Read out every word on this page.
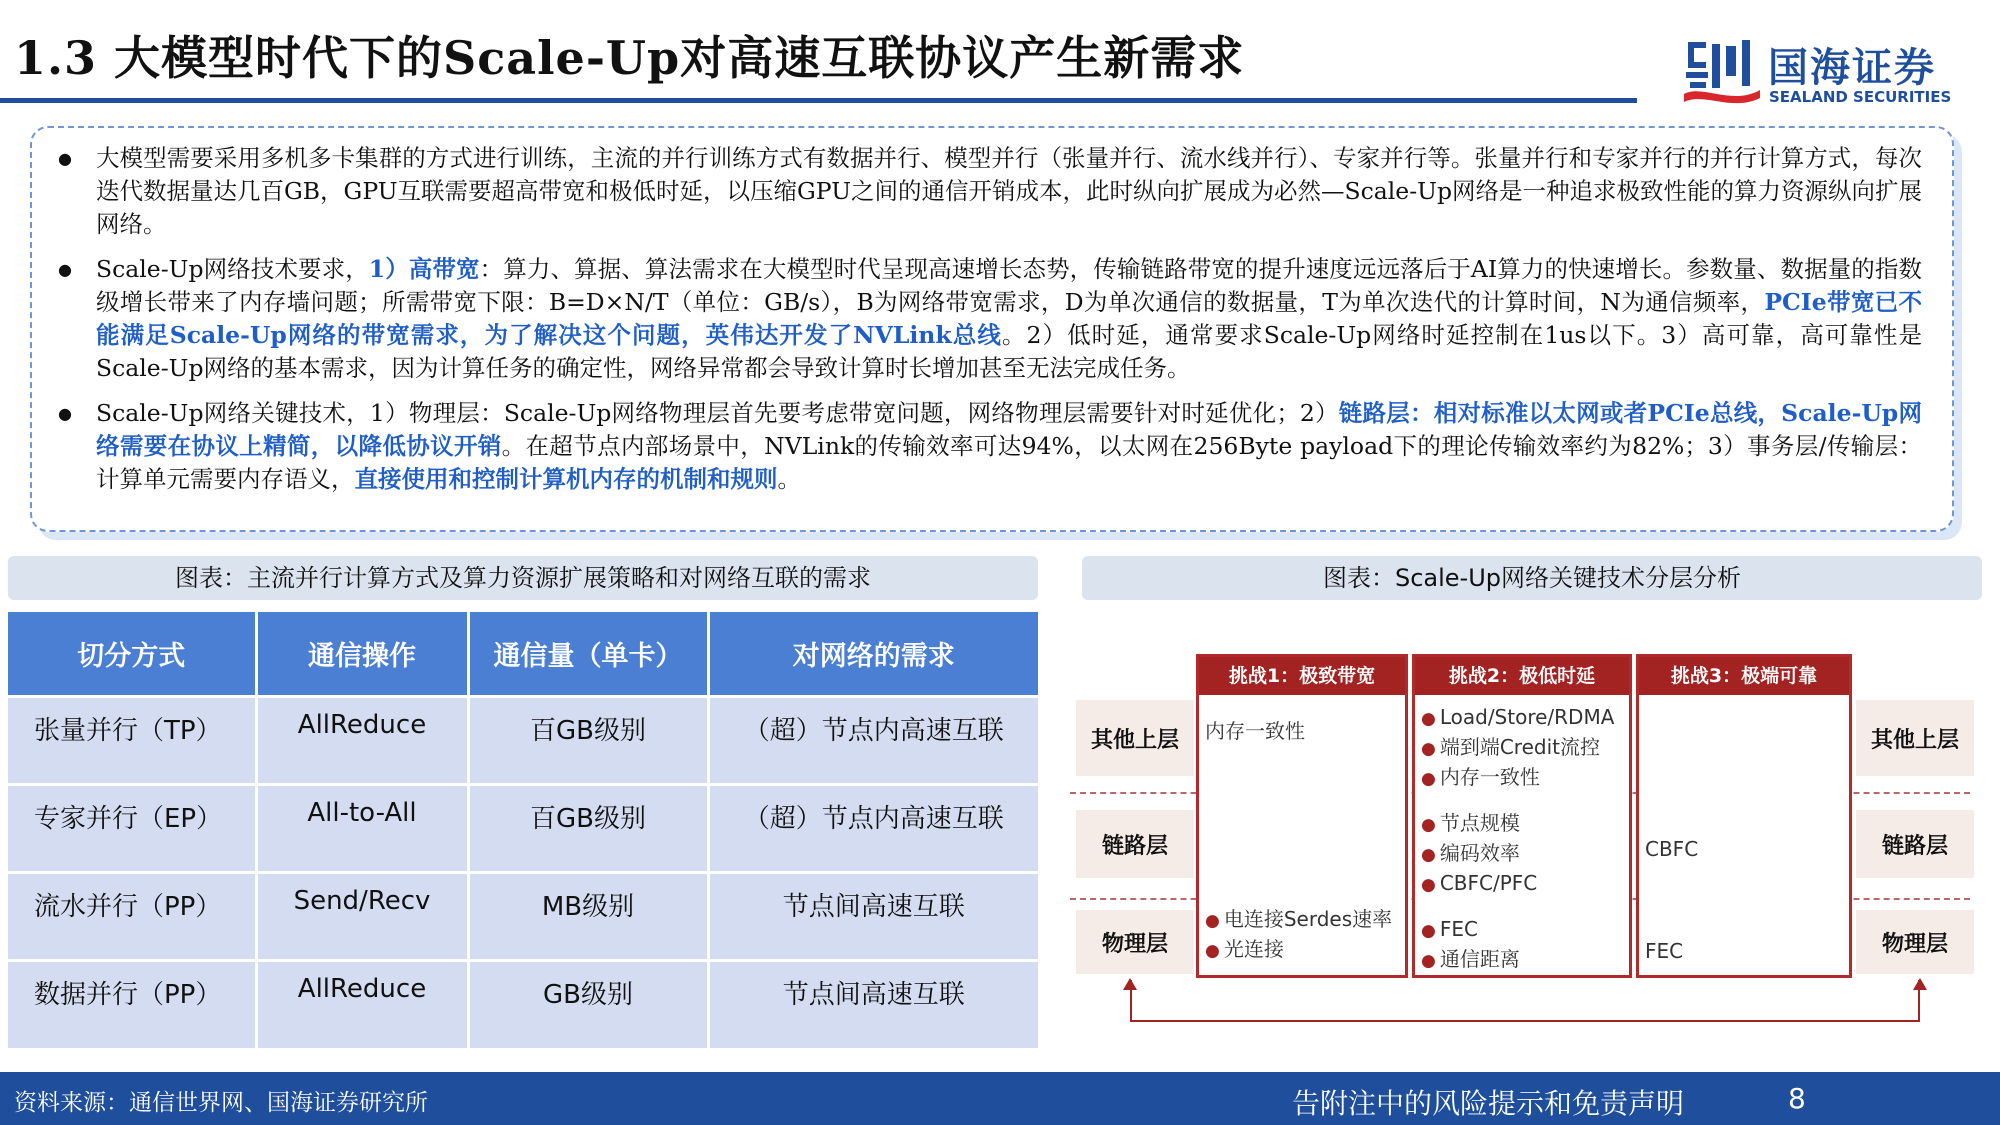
1.3 大模型时代下的Scale-Up对高速互联协议产生新需求	国海证券
SEALAND SECURITIES

● 大模型需要采用多机多卡集群的方式进行训练，主流的并行训练方式有数据并行、模型并行（张量并行、流水线并行）、专家并行等。张量并行和专家并行的并行计算方式，每次迭代数据量达几百GB，GPU互联需要超高带宽和极低时延，以压缩GPU之间的通信开销成本，此时纵向扩展成为必然—Scale-Up网络是一种追求极致性能的算力资源纵向扩展网络。

● Scale-Up网络技术要求，1）高带宽：算力、算据、算法需求在大模型时代呈现高速增长态势，传输链路带宽的提升速度远远落后于AI算力的快速增长。参数量、数据量的指数级增长带来了内存墙问题；所需带宽下限：B=D×N/T（单位：GB/s），B为网络带宽需求，D为单次通信的数据量，T为单次迭代的计算时间，N为通信频率，PCIe带宽已不能满足Scale-Up网络的带宽需求，为了解决这个问题，英伟达开发了NVLink总线。2）低时延，通常要求Scale-Up网络时延控制在1us以下。3）高可靠，高可靠性是Scale-Up网络的基本需求，因为计算任务的确定性，网络异常都会导致计算时长增加甚至无法完成任务。

● Scale-Up网络关键技术，1）物理层：Scale-Up网络物理层首先要考虑带宽问题，网络物理层需要针对时延优化；2）链路层：相对标准以太网或者PCIe总线，Scale-Up网络需要在协议上精简，以降低协议开销。在超节点内部场景中，NVLink的传输效率可达94%，以太网在256Byte payload下的理论传输效率约为82%；3）事务层/传输层：计算单元需要内存语义，直接使用和控制计算机内存的机制和规则。

图表：主流并行计算方式及算力资源扩展策略和对网络互联的需求
切分方式	通信操作	通信量（单卡）	对网络的需求
张量并行（TP）	AllReduce	百GB级别	（超）节点内高速互联
专家并行（EP）	All-to-All	百GB级别	（超）节点内高速互联
流水并行（PP）	Send/Recv	MB级别	节点间高速互联
数据并行（PP）	AllReduce	GB级别	节点间高速互联
图表：Scale-Up网络关键技术分层分析
其他上层
链路层
物理层
其他上层
链路层
物理层
挑战1：极致带宽
内存一致性
● 电连接Serdes速率
● 光连接
挑战2：极低时延
● Load/Store/RDMA
● 端到端Credit流控
● 内存一致性
● 节点规模
● 编码效率
● CBFC/PFC
● FEC
● 通信距离
挑战3：极端可靠
CBFC
FEC
资料来源：通信世界网、国海证券研究所	告附注中的风险提示和免责声明	8
